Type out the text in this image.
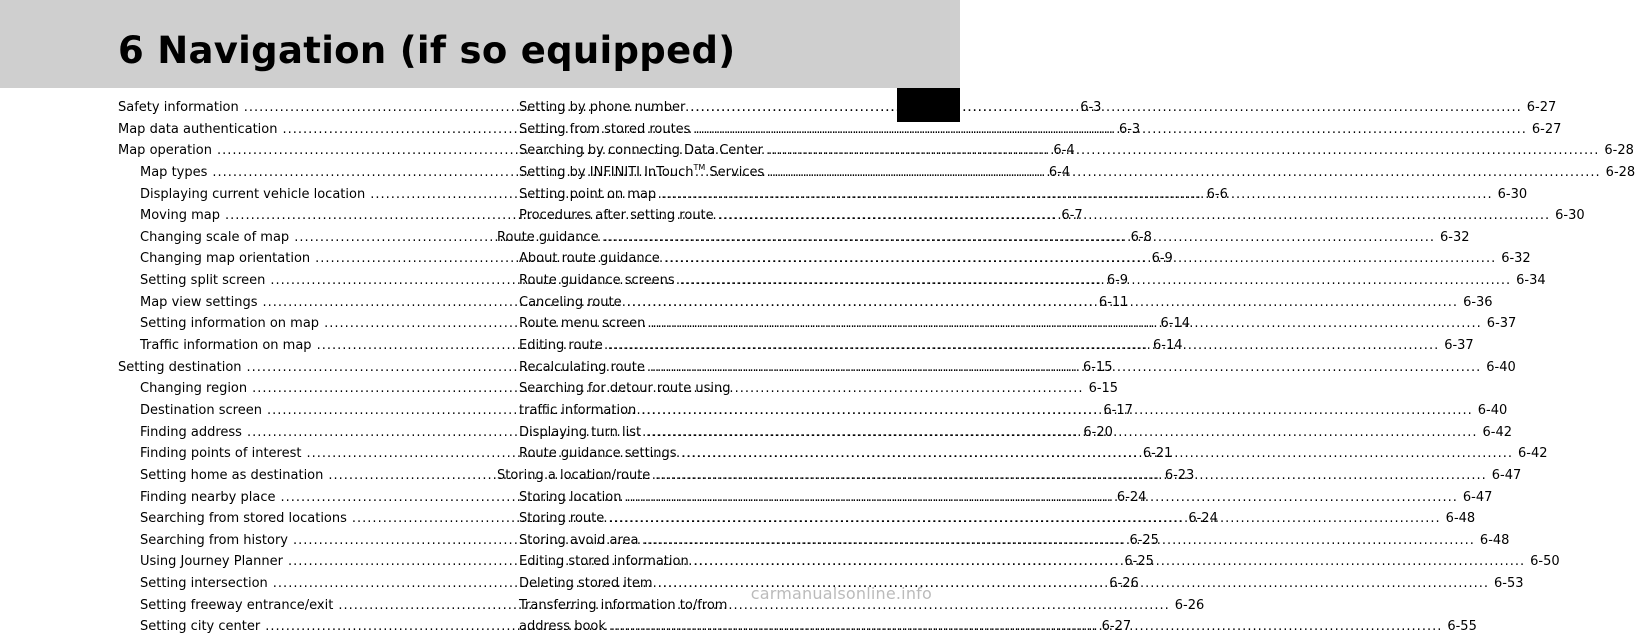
6 Navigation (if so equipped)
Safety information .....	6-3
Map data authentication .....	6-3
Map operation .....	6-4
Map types .....	6-4
Displaying current vehicle location .....	6-6
Moving map .....	6-7
Changing scale of map .....	6-8
Changing map orientation .....	6-9
Setting split screen .....	6-9
Map view settings .....	6-11
Setting information on map .....	6-14
Traffic information on map .....	6-14
Setting destination .....	6-15
Changing region .....	6-15
Destination screen .....	6-17
Finding address .....	6-20
Finding points of interest .....	6-21
Setting home as destination .....	6-23
Finding nearby place .....	6-24
Searching from stored locations .....	6-24
Searching from history .....	6-25
Using Journey Planner .....	6-25
Setting intersection .....	6-26
Setting freeway entrance/exit .....	6-26
Setting city center .....	6-27
Setting by phone number .....	6-27
Setting from stored routes .....	6-27
Searching by connecting Data Center .....	6-28
Setting by INFINITI InTouch™ Services .....	6-28
Setting point on map .....	6-30
Procedures after setting route .....	6-30
Route guidance .....	6-32
About route guidance .....	6-32
Route guidance screens .....	6-34
Canceling route .....	6-36
Route menu screen .....	6-37
Editing route .....	6-37
Recalculating route .....	6-40
Searching for detour route using
traffic information .....	6-40
Displaying turn list .....	6-42
Route guidance settings .....	6-42
Storing a location/route .....	6-47
Storing location .....	6-47
Storing route .....	6-48
Storing avoid area .....	6-48
Editing stored information .....	6-50
Deleting stored item .....	6-53
Transferring information to/from
address book .....	6-55
carmanualsonline.info
